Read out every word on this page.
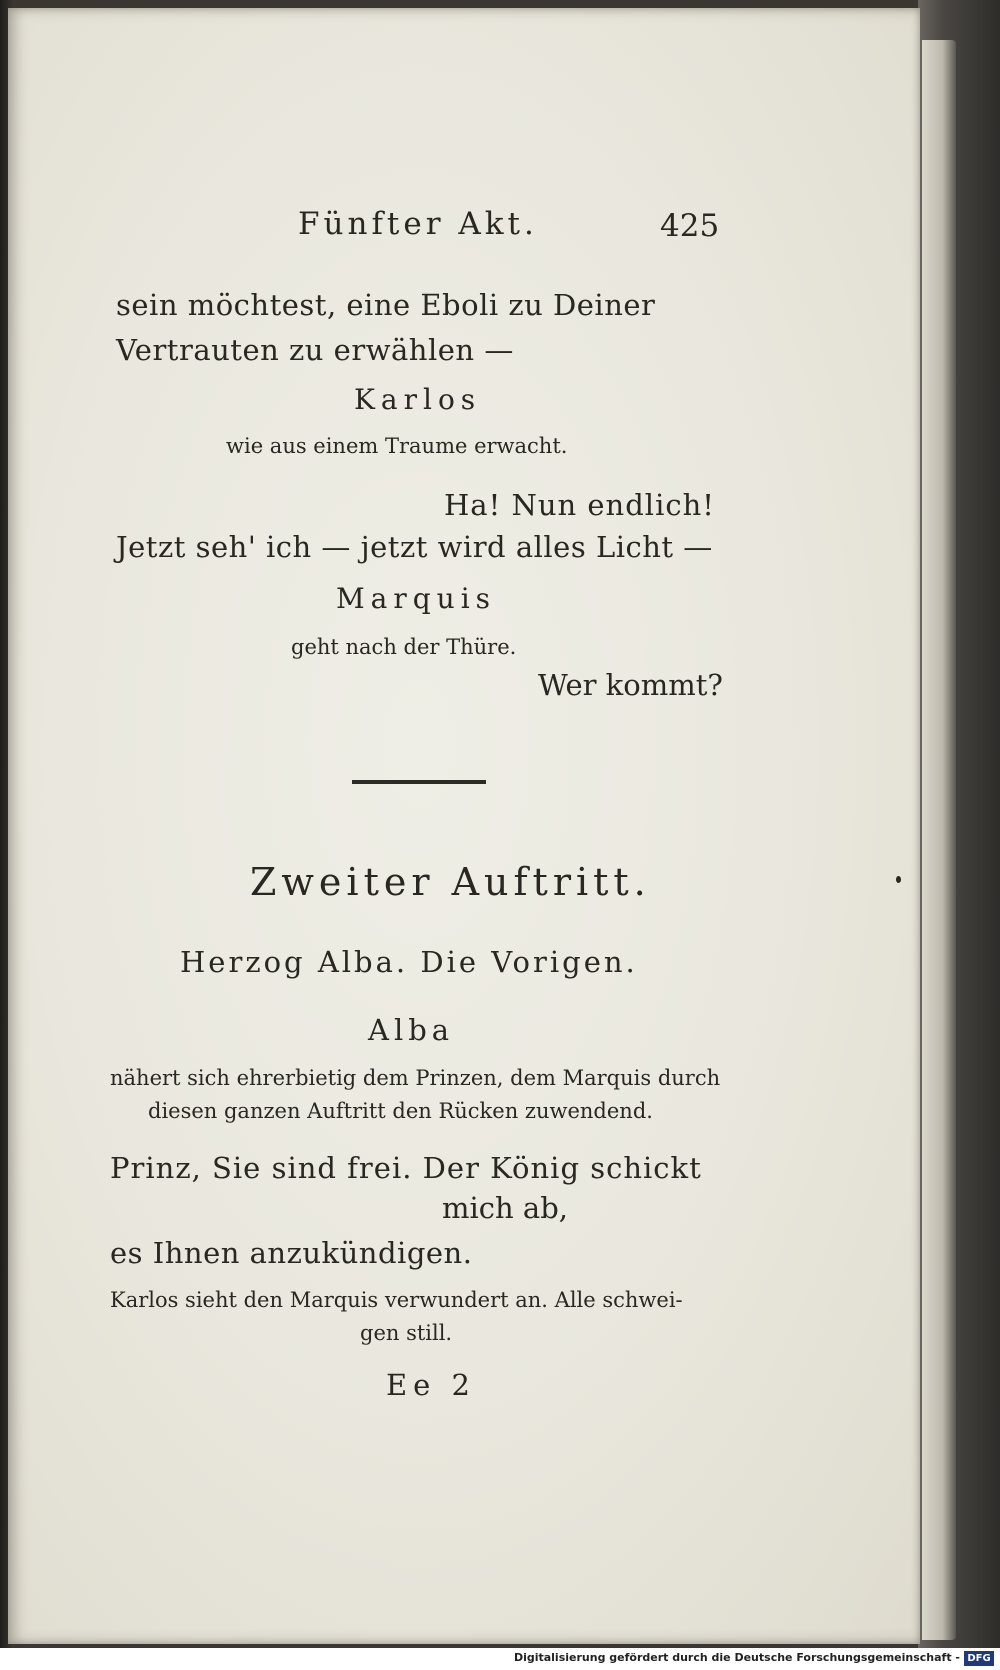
Fünfter Akt.	425
sein möchtest, eine Eboli zu Deiner
Vertrauten zu erwählen —
Karlos
wie aus einem Traume erwacht.
Ha! Nun endlich!
Jetzt seh' ich — jetzt wird alles Licht —
Marquis
geht nach der Thüre.
Wer kommt?
Zweiter Auftritt.
Herzog Alba. Die Vorigen.
Alba
nähert sich ehrerbietig dem Prinzen, dem Marquis durch
diesen ganzen Auftritt den Rücken zuwendend.
Prinz, Sie sind frei. Der König schickt
mich ab,
es Ihnen anzukündigen.
Karlos sieht den Marquis verwundert an. Alle schwei-
gen still.
Ee 2
Digitalisierung gefördert durch die Deutsche Forschungsgemeinschaft - DFG
